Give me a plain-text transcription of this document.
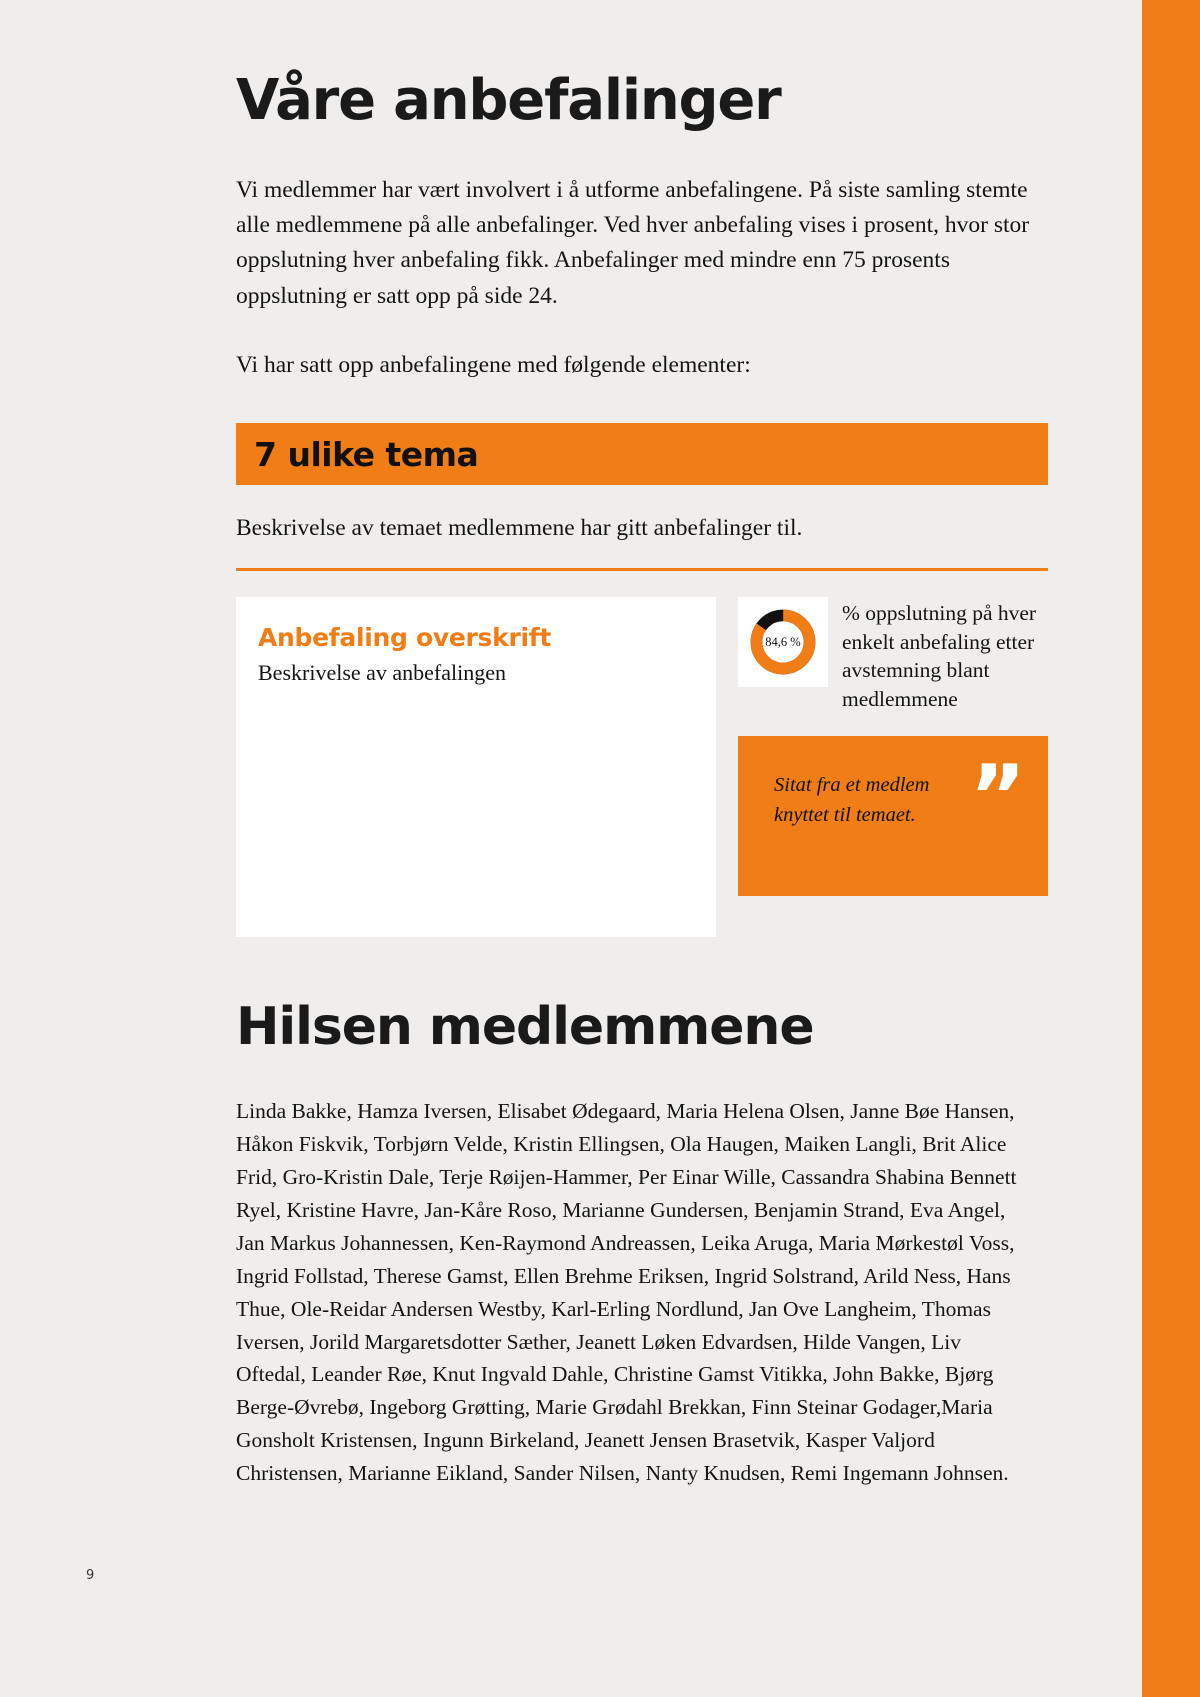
Våre anbefalinger

Vi medlemmer har vært involvert i å utforme anbefalingene. På siste samling stemte alle medlemmene på alle anbefalinger. Ved hver anbefaling vises i prosent, hvor stor oppslutning hver anbefaling fikk. Anbefalinger med mindre enn 75 prosents oppslutning er satt opp på side 24.

Vi har satt opp anbefalingene med følgende elementer:

7 ulike tema

Beskrivelse av temaet medlemmene har gitt anbefalinger til.

Anbefaling overskrift

Beskrivelse av anbefalingen

84,6 %
% oppslutning på hver enkelt anbefaling etter avstemning blant medlemmene

Sitat fra et medlem knyttet til temaet. ”
Hilsen medlemmene

Linda Bakke, Hamza Iversen, Elisabet Ødegaard, Maria Helena Olsen, Janne Bøe Hansen, Håkon Fiskvik, Torbjørn Velde, Kristin Ellingsen, Ola Haugen, Maiken Langli, Brit Alice Frid, Gro-Kristin Dale, Terje Røijen-Hammer, Per Einar Wille, Cassandra Shabina Bennett Ryel, Kristine Havre, Jan-Kåre Roso, Marianne Gundersen, Benjamin Strand, Eva Angel, Jan Markus Johannessen, Ken-Raymond Andreassen, Leika Aruga, Maria Mørkestøl Voss, Ingrid Follstad, Therese Gamst, Ellen Brehme Eriksen, Ingrid Solstrand, Arild Ness, Hans Thue, Ole-Reidar Andersen Westby, Karl-Erling Nordlund, Jan Ove Langheim, Thomas Iversen, Jorild Margaretsdotter Sæther, Jeanett Løken Edvardsen, Hilde Vangen, Liv Oftedal, Leander Røe, Knut Ingvald Dahle, Christine Gamst Vitikka, John Bakke, Bjørg Berge-Øvrebø, Ingeborg Grøtting, Marie Grødahl Brekkan, Finn Steinar Godager,Maria Gonsholt Kristensen, Ingunn Birkeland, Jeanett Jensen Brasetvik, Kasper Valjord Christensen, Marianne Eikland, Sander Nilsen, Nanty Knudsen, Remi Ingemann Johnsen.

9
